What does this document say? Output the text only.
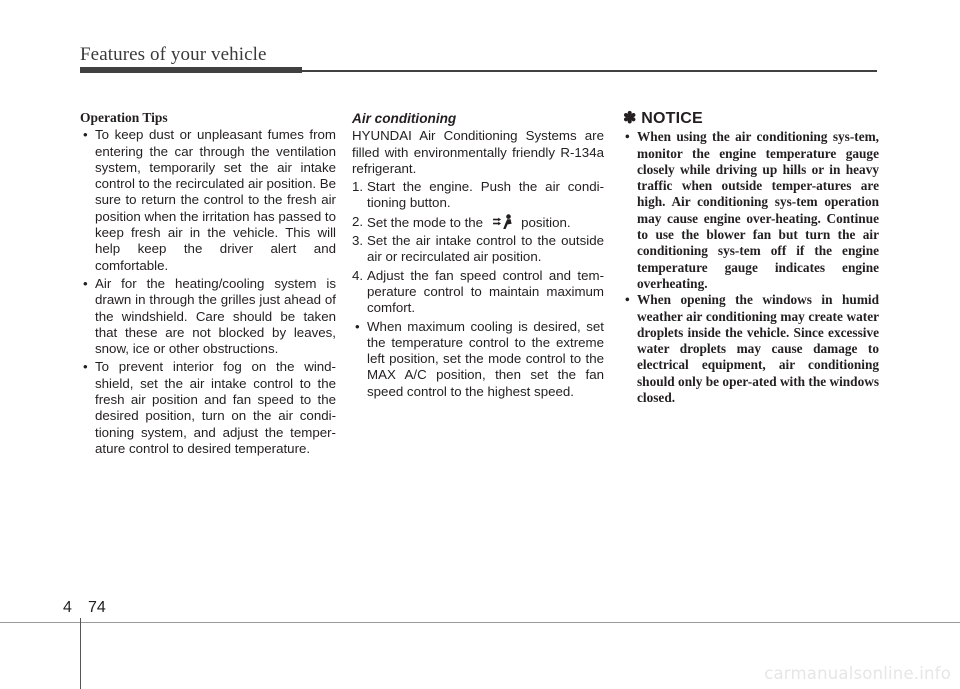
Features of your vehicle
Operation Tips
• To keep dust or unpleasant fumes from entering the car through the ventilation system, temporarily set the air intake control to the recirculated air position. Be sure to return the control to the fresh air position when the irritation has passed to keep fresh air in the vehicle. This will help keep the driver alert and comfortable.
• Air for the heating/cooling system is drawn in through the grilles just ahead of the windshield. Care should be taken that these are not blocked by leaves, snow, ice or other obstructions.
• To prevent interior fog on the wind-shield, set the air intake control to the fresh air position and fan speed to the desired position, turn on the air condi-tioning system, and adjust the temper-ature control to desired temperature.
Air conditioning
HYUNDAI Air Conditioning Systems are filled with environmentally friendly R-134a refrigerant.
1. Start the engine. Push the air condi-tioning button.
2. Set the mode to the	position.
3. Set the air intake control to the outside air or recirculated air position.
4. Adjust the fan speed control and tem-perature control to maintain maximum comfort.
• When maximum cooling is desired, set the temperature control to the extreme left position, set the mode control to the MAX A/C position, then set the fan speed control to the highest speed.
✽ NOTICE
• When using the air conditioning sys-tem, monitor the engine temperature gauge closely while driving up hills or in heavy traffic when outside temper-atures are high. Air conditioning sys-tem operation may cause engine over-heating. Continue to use the blower fan but turn the air conditioning sys-tem off if the engine temperature gauge indicates engine overheating.
• When opening the windows in humid weather air conditioning may create water droplets inside the vehicle. Since excessive water droplets may cause damage to electrical equipment, air conditioning should only be oper-ated with the windows closed.
4 74
carmanualsonline.info
